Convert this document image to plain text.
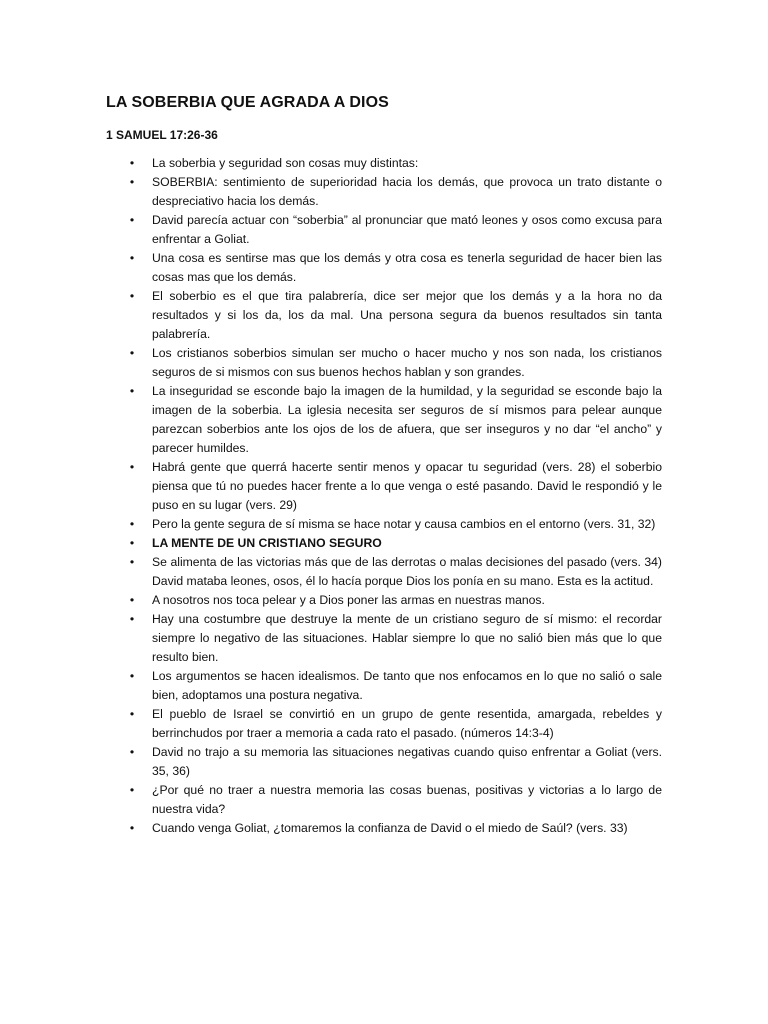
LA SOBERBIA QUE AGRADA A DIOS

1 SAMUEL 17:26-36

•	La soberbia y seguridad son cosas muy distintas:
•	SOBERBIA: sentimiento de superioridad hacia los demás, que provoca un trato distante o despreciativo hacia los demás.
•	David parecía actuar con “soberbia” al pronunciar que mató leones y osos como excusa para enfrentar a Goliat.
•	Una cosa es sentirse mas que los demás y otra cosa es tenerla seguridad de hacer bien las cosas mas que los demás.
•	El soberbio es el que tira palabrería, dice ser mejor que los demás y a la hora no da resultados y si los da, los da mal. Una persona segura da buenos resultados sin tanta palabrería.
•	Los cristianos soberbios simulan ser mucho o hacer mucho y nos son nada, los cristianos seguros de si mismos con sus buenos hechos hablan y son grandes.
•	La inseguridad se esconde bajo la imagen de la humildad, y la seguridad se esconde bajo la imagen de la soberbia. La iglesia necesita ser seguros de sí mismos para pelear aunque parezcan soberbios ante los ojos de los de afuera, que ser inseguros y no dar “el ancho” y parecer humildes.
•	Habrá gente que querrá hacerte sentir menos y opacar tu seguridad (vers. 28) el soberbio piensa que tú no puedes hacer frente a lo que venga o esté pasando. David le respondió y le puso en su lugar (vers. 29)
•	Pero la gente segura de sí misma se hace notar y causa cambios en el entorno (vers. 31, 32)
•	LA MENTE DE UN CRISTIANO SEGURO
•	Se alimenta de las victorias más que de las derrotas o malas decisiones del pasado (vers. 34) David mataba leones, osos, él lo hacía porque Dios los ponía en su mano. Esta es la actitud.
•	A nosotros nos toca pelear y a Dios poner las armas en nuestras manos.
•	Hay una costumbre que destruye la mente de un cristiano seguro de sí mismo: el recordar siempre lo negativo de las situaciones. Hablar siempre lo que no salió bien más que lo que resulto bien.
•	Los argumentos se hacen idealismos. De tanto que nos enfocamos en lo que no salió o sale bien, adoptamos una postura negativa.
•	El pueblo de Israel se convirtió en un grupo de gente resentida, amargada, rebeldes y berrinchudos por traer a memoria a cada rato el pasado. (números 14:3-4)
•	David no trajo a su memoria las situaciones negativas cuando quiso enfrentar a Goliat (vers. 35, 36)
•	¿Por qué no traer a nuestra memoria las cosas buenas, positivas y victorias a lo largo de nuestra vida?
•	Cuando venga Goliat, ¿tomaremos la confianza de David o el miedo de Saúl? (vers. 33)
